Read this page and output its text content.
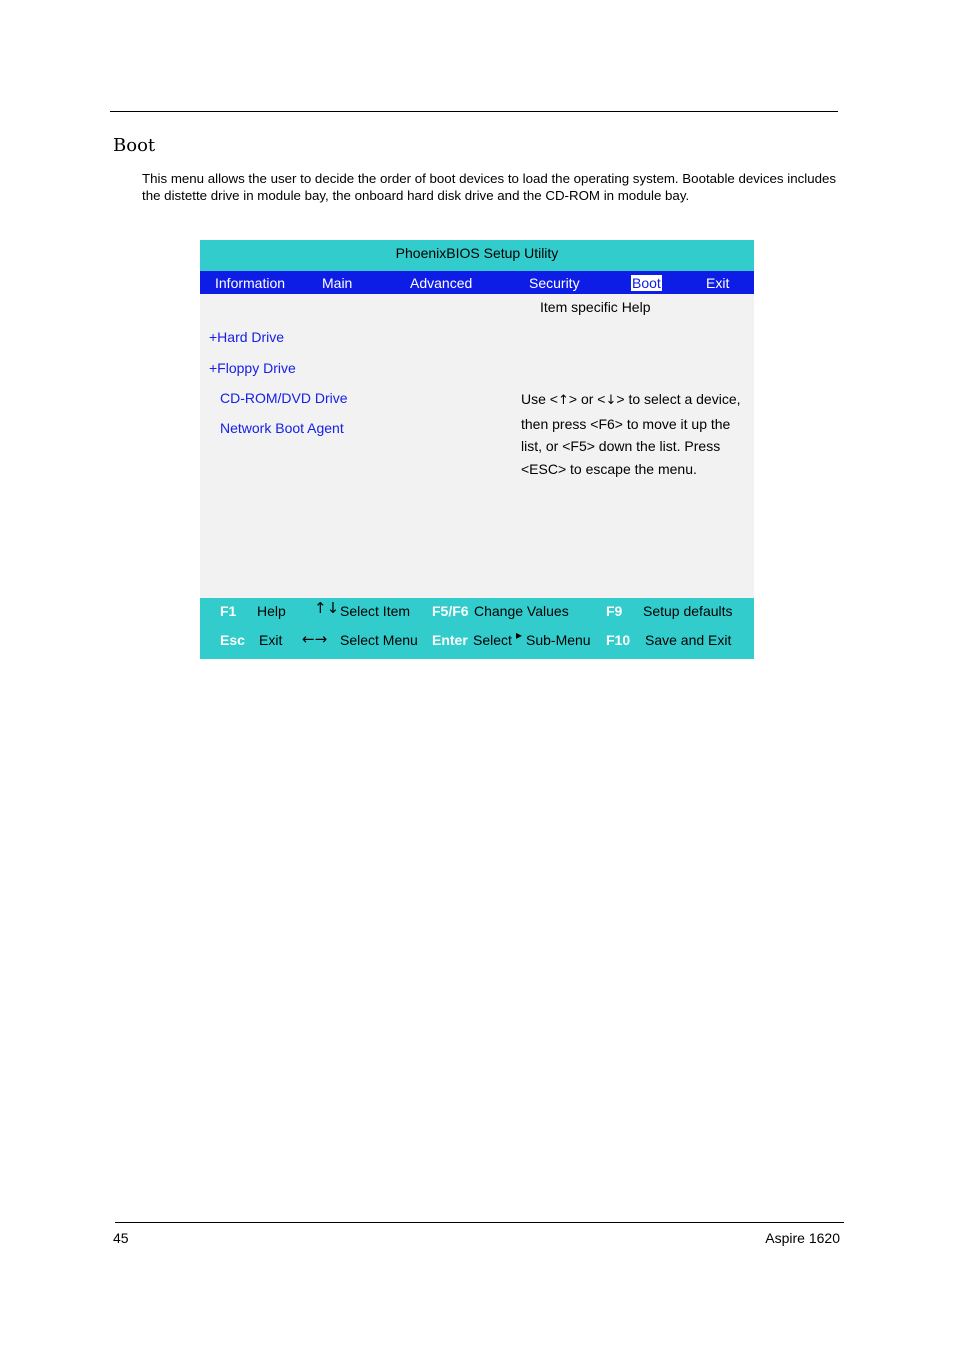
Boot

This menu allows the user to decide the order of boot devices to load the operating system. Bootable devices includes the distette drive in module bay, the onboard hard disk drive and the CD-ROM in module bay.

PhoenixBIOS Setup Utility
Information	Main	Advanced	Security	Boot	Exit
Item specific Help
+Hard Drive
+Floppy Drive
CD-ROM/DVD Drive
Network Boot Agent

Use <↑> or <↓> to select a device,
then press <F6> to move it up the
list, or <F5> down the list. Press
<ESC> to escape the menu.

F1 Help ↑↓ Select Item F5/F6 Change Values	F9 Setup defaults
Esc Exit ←→ Select Menu Enter Select ▸ Sub-Menu F10 Save and Exit
45	Aspire 1620
